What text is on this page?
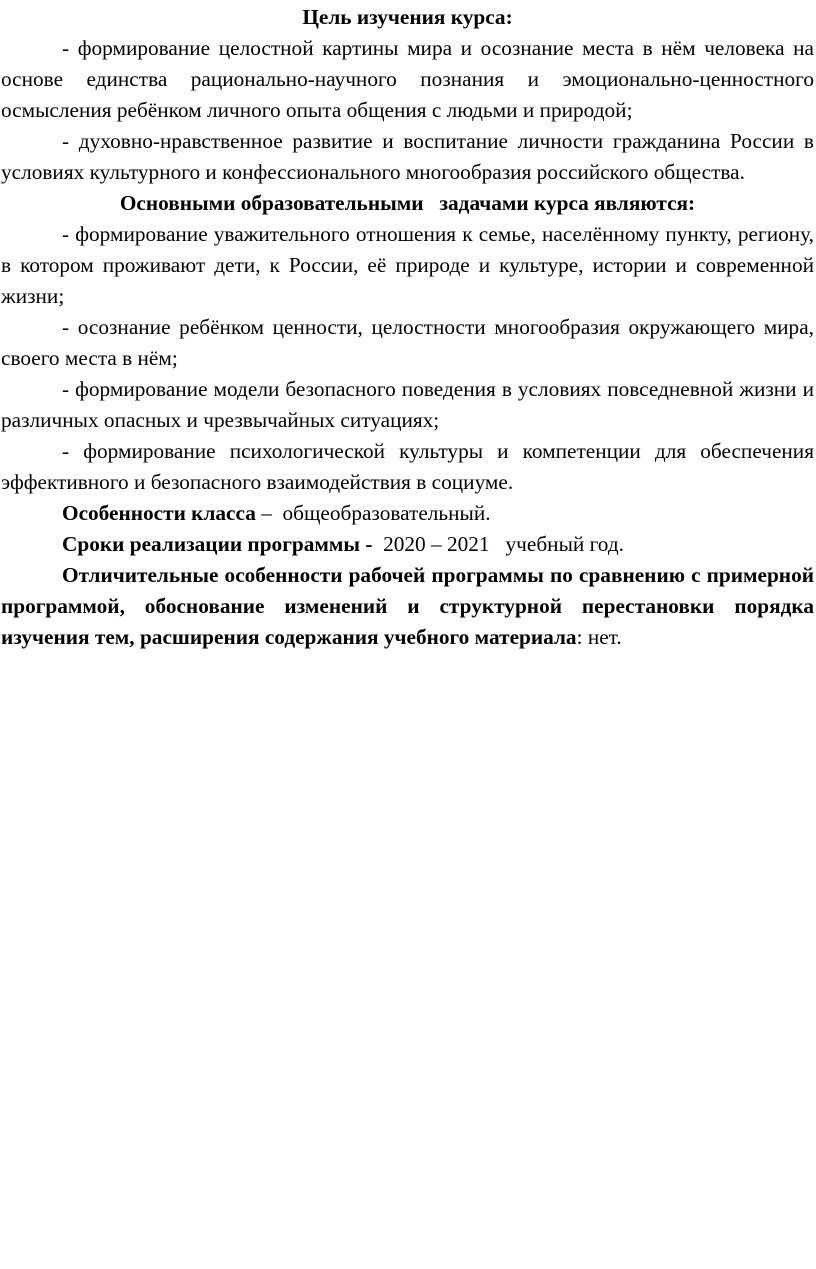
Цель изучения курса:

- формирование целостной картины мира и осознание места в нём человека на основе единства рационально-научного познания и эмоционально-ценностного осмысления ребёнком личного опыта общения с людьми и природой;

- духовно-нравственное развитие и воспитание личности гражданина России в условиях культурного и конфессионального многообразия российского общества.

Основными образовательными   задачами курса являются:

- формирование уважительного отношения к семье, населённому пункту, региону, в котором проживают дети, к России, её природе и культуре, истории и современной жизни;

- осознание ребёнком ценности, целостности многообразия окружающего мира, своего места в нём;

- формирование модели безопасного поведения в условиях повседневной жизни и различных опасных и чрезвычайных ситуациях;

- формирование психологической культуры и компетенции для обеспечения эффективного и безопасного взаимодействия в социуме.

Особенности класса –  общеобразовательный.

Сроки реализации программы -  2020 – 2021   учебный год.

Отличительные особенности рабочей программы по сравнению с примерной программой, обоснование изменений и структурной перестановки порядка изучения тем, расширения содержания учебного материала: нет.
